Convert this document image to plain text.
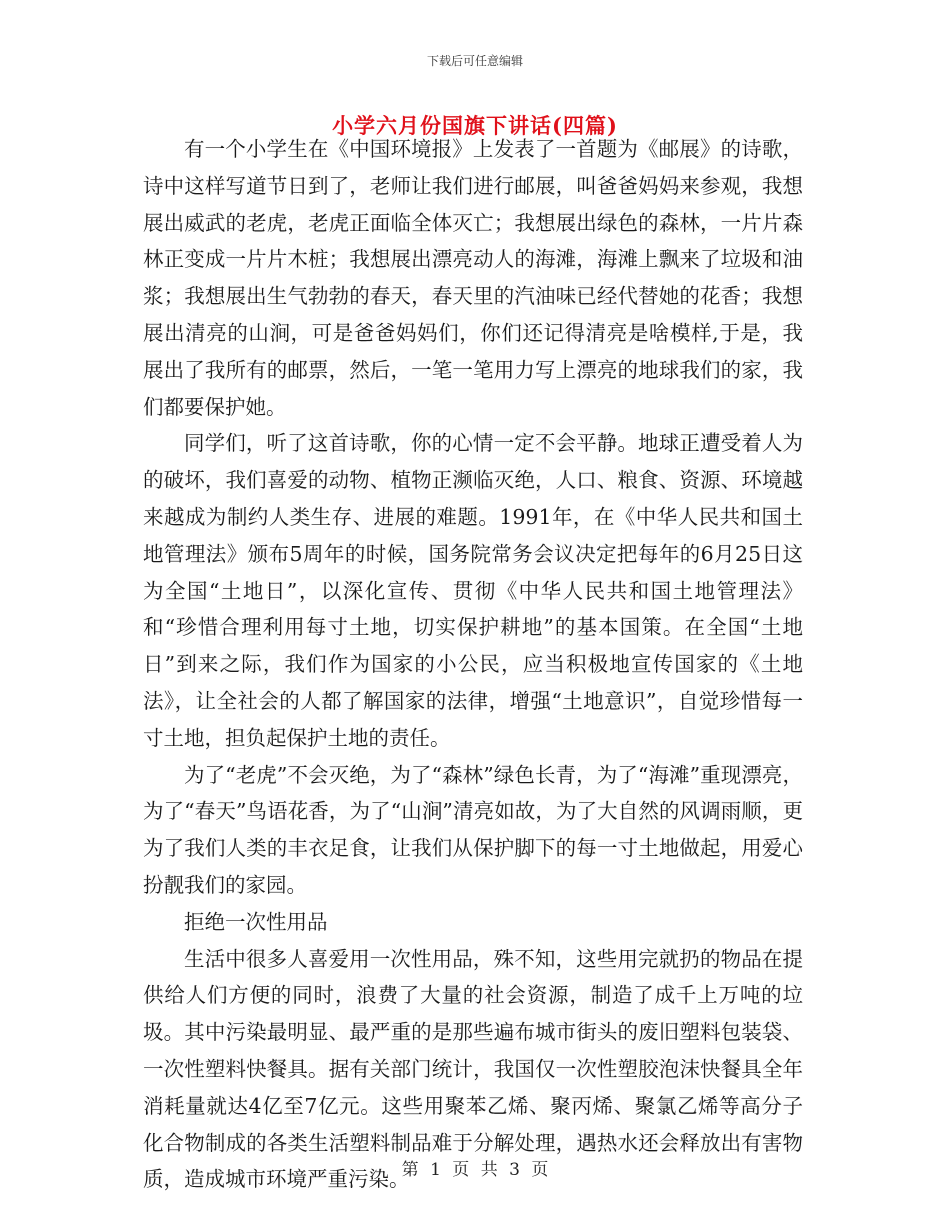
下载后可任意编辑
小学六月份国旗下讲话(四篇)

有一个小学生在《中国环境报》上发表了一首题为《邮展》的诗歌，诗中这样写道节日到了，老师让我们进行邮展，叫爸爸妈妈来参观，我想展出威武的老虎，老虎正面临全体灭亡；我想展出绿色的森林，一片片森林正变成一片片木桩；我想展出漂亮动人的海滩，海滩上飘来了垃圾和油浆；我想展出生气勃勃的春天，春天里的汽油味已经代替她的花香；我想展出清亮的山涧，可是爸爸妈妈们，你们还记得清亮是啥模样,于是，我展出了我所有的邮票，然后，一笔一笔用力写上漂亮的地球我们的家，我们都要保护她。

同学们，听了这首诗歌，你的心情一定不会平静。地球正遭受着人为的破坏，我们喜爱的动物、植物正濒临灭绝，人口、粮食、资源、环境越来越成为制约人类生存、进展的难题。1991年，在《中华人民共和国土地管理法》颁布5周年的时候，国务院常务会议决定把每年的6月25日这为全国“土地日”，以深化宣传、贯彻《中华人民共和国土地管理法》和“珍惜合理利用每寸土地，切实保护耕地”的基本国策。在全国“土地日”到来之际，我们作为国家的小公民，应当积极地宣传国家的《土地法》，让全社会的人都了解国家的法律，增强“土地意识”，自觉珍惜每一寸土地，担负起保护土地的责任。

为了“老虎”不会灭绝，为了“森林”绿色长青，为了“海滩”重现漂亮，为了“春天”鸟语花香，为了“山涧”清亮如故，为了大自然的风调雨顺，更为了我们人类的丰衣足食，让我们从保护脚下的每一寸土地做起，用爱心扮靓我们的家园。

拒绝一次性用品

生活中很多人喜爱用一次性用品，殊不知，这些用完就扔的物品在提供给人们方便的同时，浪费了大量的社会资源，制造了成千上万吨的垃圾。其中污染最明显、最严重的是那些遍布城市街头的废旧塑料包装袋、一次性塑料快餐具。据有关部门统计，我国仅一次性塑胶泡沫快餐具全年消耗量就达4亿至7亿元。这些用聚苯乙烯、聚丙烯、聚氯乙烯等高分子化合物制成的各类生活塑料制品难于分解处理，遇热水还会释放出有害物质，造成城市环境严重污染。

第 1 页 共 3 页
